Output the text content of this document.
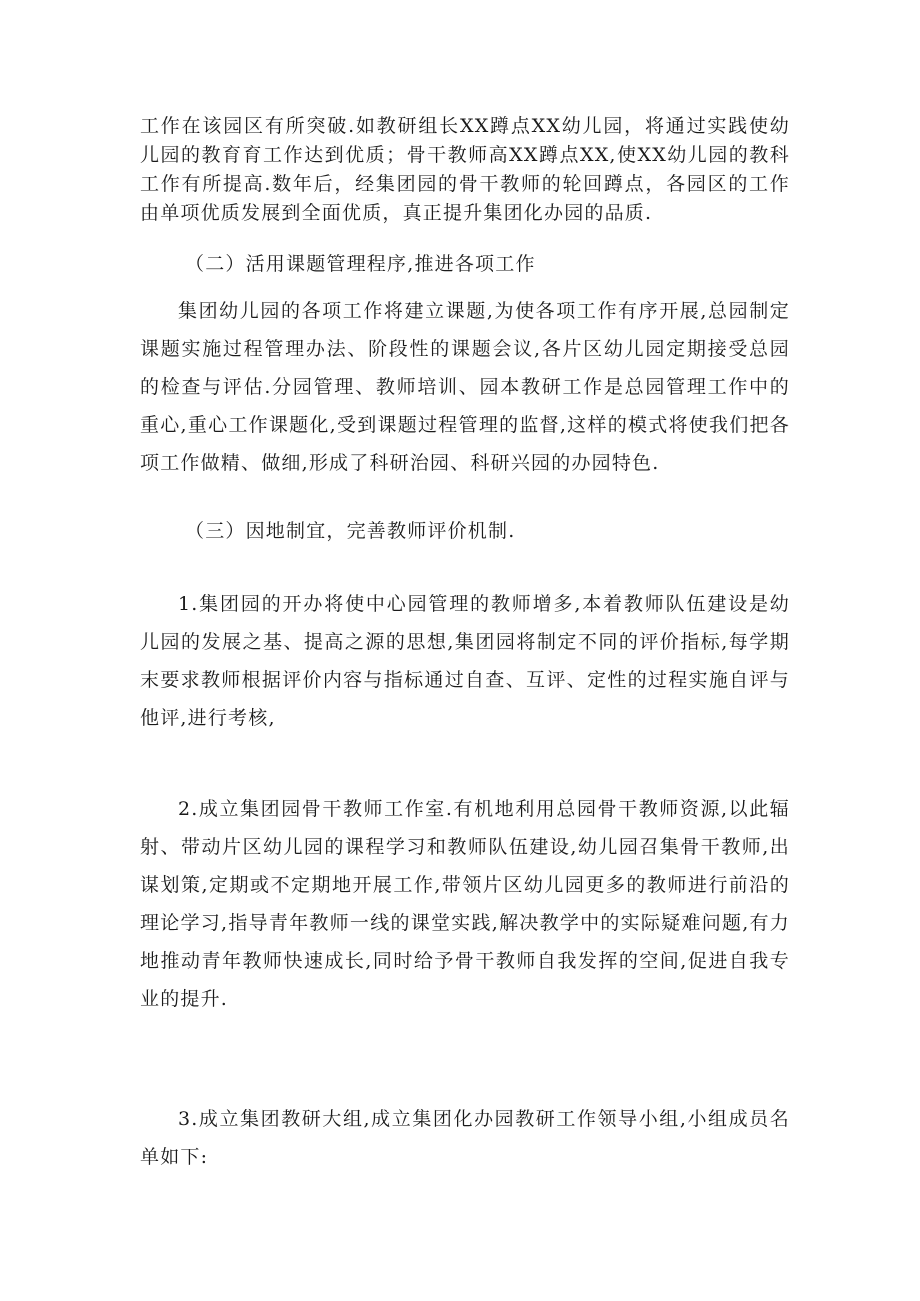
工作在该园区有所突破.如教研组长XX蹲点XX幼儿园，将通过实践使幼儿园的教育育工作达到优质；骨干教师高XX蹲点XX,使XX幼儿园的教科工作有所提高.数年后，经集团园的骨干教师的轮回蹲点，各园区的工作由单项优质发展到全面优质，真正提升集团化办园的品质.

（二）活用课题管理程序,推进各项工作

集团幼儿园的各项工作将建立课题,为使各项工作有序开展,总园制定课题实施过程管理办法、阶段性的课题会议,各片区幼儿园定期接受总园的检查与评估.分园管理、教师培训、园本教研工作是总园管理工作中的重心,重心工作课题化,受到课题过程管理的监督,这样的模式将使我们把各项工作做精、做细,形成了科研治园、科研兴园的办园特色.

（三）因地制宜，完善教师评价机制.

1.集团园的开办将使中心园管理的教师增多,本着教师队伍建设是幼儿园的发展之基、提高之源的思想,集团园将制定不同的评价指标,每学期末要求教师根据评价内容与指标通过自查、互评、定性的过程实施自评与他评,进行考核,

2.成立集团园骨干教师工作室.有机地利用总园骨干教师资源,以此辐射、带动片区幼儿园的课程学习和教师队伍建设,幼儿园召集骨干教师,出谋划策,定期或不定期地开展工作,带领片区幼儿园更多的教师进行前沿的理论学习,指导青年教师一线的课堂实践,解决教学中的实际疑难问题,有力地推动青年教师快速成长,同时给予骨干教师自我发挥的空间,促进自我专业的提升.

3.成立集团教研大组,成立集团化办园教研工作领导小组,小组成员名单如下:
